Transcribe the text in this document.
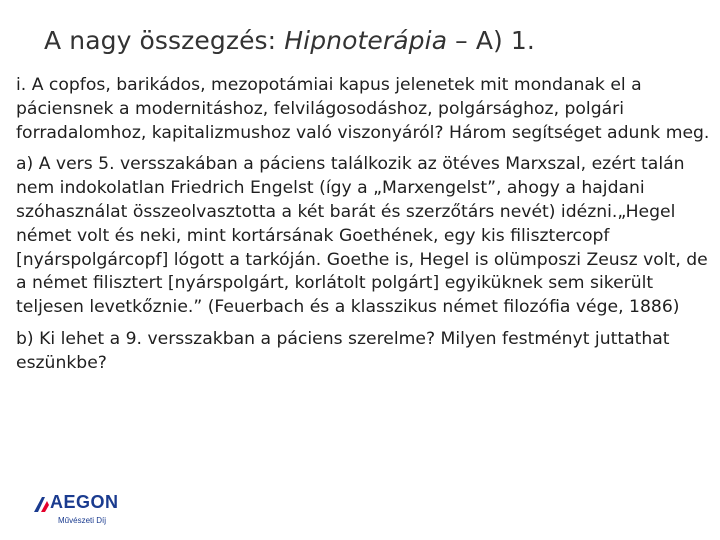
A nagy összegzés: Hipnoterápia – A) 1.

i. A copfos, barikádos, mezopotámiai kapus jelenetek mit mondanak el a páciensnek a modernitáshoz, felvilágosodáshoz, polgársághoz, polgári forradalomhoz, kapitalizmushoz való viszonyáról? Három segítséget adunk meg.

a) A vers 5. versszakában a páciens találkozik az ötéves Marxszal, ezért talán nem indokolatlan Friedrich Engelst (így a „Marxengelst”, ahogy a hajdani szóhasználat összeolvasztotta a két barát és szerzőtárs nevét) idézni.„Hegel német volt és neki, mint kortársának Goethének, egy kis filisztercopf [nyárspolgárcopf] lógott a tarkóján. Goethe is, Hegel is olümposzi Zeusz volt, de a német filisztert [nyárspolgárt, korlátolt polgárt] egyiküknek sem sikerült teljesen levetkőznie.” (Feuerbach és a klasszikus német filozófia vége, 1886)

b) Ki lehet a 9. versszakban a páciens szerelme? Milyen festményt juttathat eszünkbe?

AEGON
Művészeti Díj
